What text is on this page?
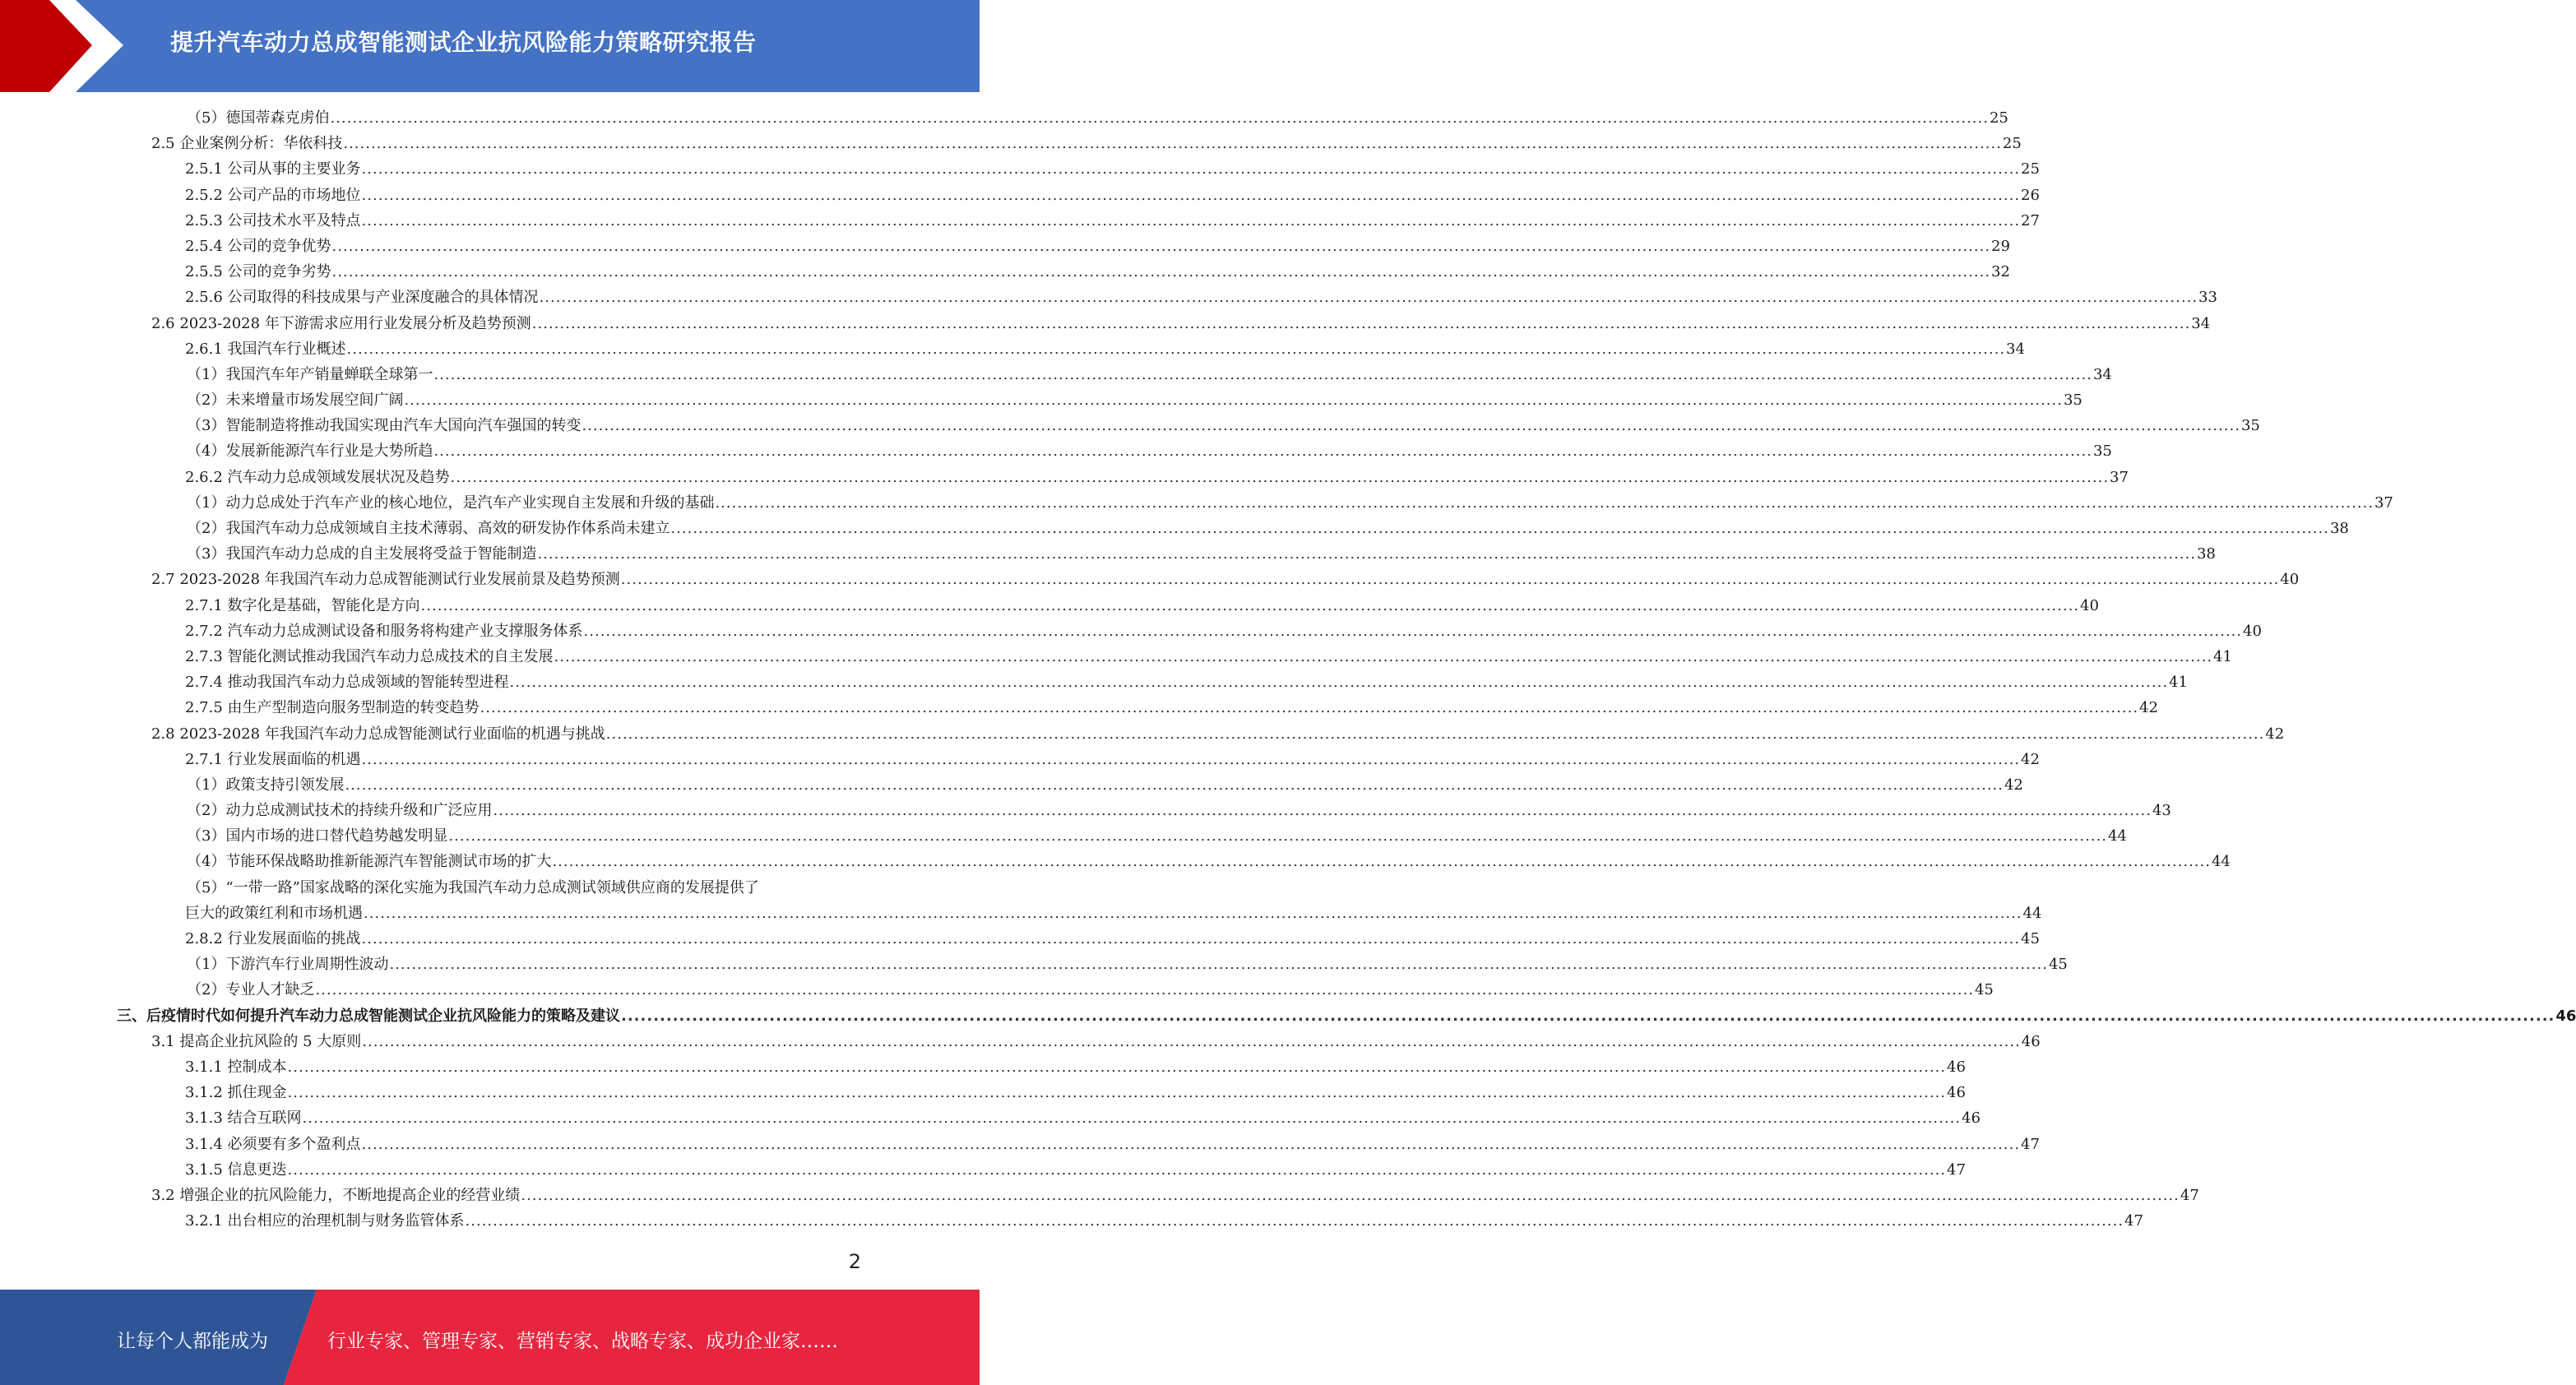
提升汽车动力总成智能测试企业抗风险能力策略研究报告
（5）德国蒂森克虏伯 ............................................................................................................................................................................................................................................................................................................ 25
2.5 企业案例分析：华依科技 ............................................................................................................................................................................................................................................................................................................ 25
2.5.1 公司从事的主要业务 ............................................................................................................................................................................................................................................................................................................ 25
2.5.2 公司产品的市场地位 ............................................................................................................................................................................................................................................................................................................ 26
2.5.3 公司技术水平及特点 ............................................................................................................................................................................................................................................................................................................ 27
2.5.4 公司的竞争优势 ............................................................................................................................................................................................................................................................................................................ 29
2.5.5 公司的竞争劣势 ............................................................................................................................................................................................................................................................................................................ 32
2.5.6 公司取得的科技成果与产业深度融合的具体情况 ............................................................................................................................................................................................................................................................................................................ 33
2.6 2023-2028 年下游需求应用行业发展分析及趋势预测 ............................................................................................................................................................................................................................................................................................................ 34
2.6.1 我国汽车行业概述 ............................................................................................................................................................................................................................................................................................................ 34
（1）我国汽车年产销量蝉联全球第一 ............................................................................................................................................................................................................................................................................................................ 34
（2）未来增量市场发展空间广阔 ............................................................................................................................................................................................................................................................................................................ 35
（3）智能制造将推动我国实现由汽车大国向汽车强国的转变 ............................................................................................................................................................................................................................................................................................................ 35
（4）发展新能源汽车行业是大势所趋 ............................................................................................................................................................................................................................................................................................................ 35
2.6.2 汽车动力总成领域发展状况及趋势 ............................................................................................................................................................................................................................................................................................................ 37
（1）动力总成处于汽车产业的核心地位，是汽车产业实现自主发展和升级的基础 ............................................................................................................................................................................................................................................................................................................ 37
（2）我国汽车动力总成领域自主技术薄弱、高效的研发协作体系尚未建立 ............................................................................................................................................................................................................................................................................................................ 38
（3）我国汽车动力总成的自主发展将受益于智能制造 ............................................................................................................................................................................................................................................................................................................ 38
2.7 2023-2028 年我国汽车动力总成智能测试行业发展前景及趋势预测 ............................................................................................................................................................................................................................................................................................................ 40
2.7.1 数字化是基础，智能化是方向 ............................................................................................................................................................................................................................................................................................................ 40
2.7.2 汽车动力总成测试设备和服务将构建产业支撑服务体系 ............................................................................................................................................................................................................................................................................................................ 40
2.7.3 智能化测试推动我国汽车动力总成技术的自主发展 ............................................................................................................................................................................................................................................................................................................ 41
2.7.4 推动我国汽车动力总成领域的智能转型进程 ............................................................................................................................................................................................................................................................................................................ 41
2.7.5 由生产型制造向服务型制造的转变趋势 ............................................................................................................................................................................................................................................................................................................ 42
2.8 2023-2028 年我国汽车动力总成智能测试行业面临的机遇与挑战 ............................................................................................................................................................................................................................................................................................................ 42
2.7.1 行业发展面临的机遇 ............................................................................................................................................................................................................................................................................................................ 42
（1）政策支持引领发展 ............................................................................................................................................................................................................................................................................................................ 42
（2）动力总成测试技术的持续升级和广泛应用 ............................................................................................................................................................................................................................................................................................................ 43
（3）国内市场的进口替代趋势越发明显 ............................................................................................................................................................................................................................................................................................................ 44
（4）节能环保战略助推新能源汽车智能测试市场的扩大 ............................................................................................................................................................................................................................................................................................................ 44
（5）“一带一路”国家战略的深化实施为我国汽车动力总成测试领域供应商的发展提供了
巨大的政策红利和市场机遇 ............................................................................................................................................................................................................................................................................................................ 44
2.8.2 行业发展面临的挑战 ............................................................................................................................................................................................................................................................................................................ 45
（1）下游汽车行业周期性波动 ............................................................................................................................................................................................................................................................................................................ 45
（2）专业人才缺乏 ............................................................................................................................................................................................................................................................................................................ 45
三、后疫情时代如何提升汽车动力总成智能测试企业抗风险能力的策略及建议 ............................................................................................................................................................................................................................................................................................................ 46
3.1 提高企业抗风险的 5 大原则 ............................................................................................................................................................................................................................................................................................................ 46
3.1.1 控制成本 ............................................................................................................................................................................................................................................................................................................ 46
3.1.2 抓住现金 ............................................................................................................................................................................................................................................................................................................ 46
3.1.3 结合互联网 ............................................................................................................................................................................................................................................................................................................ 46
3.1.4 必须要有多个盈利点 ............................................................................................................................................................................................................................................................................................................ 47
3.1.5 信息更迭 ............................................................................................................................................................................................................................................................................................................ 47
3.2 增强企业的抗风险能力，不断地提高企业的经营业绩 ............................................................................................................................................................................................................................................................................................................ 47
3.2.1 出台相应的治理机制与财务监管体系 ............................................................................................................................................................................................................................................................................................................ 47
2
让每个人都能成为	行业专家、管理专家、营销专家、战略专家、成功企业家……
